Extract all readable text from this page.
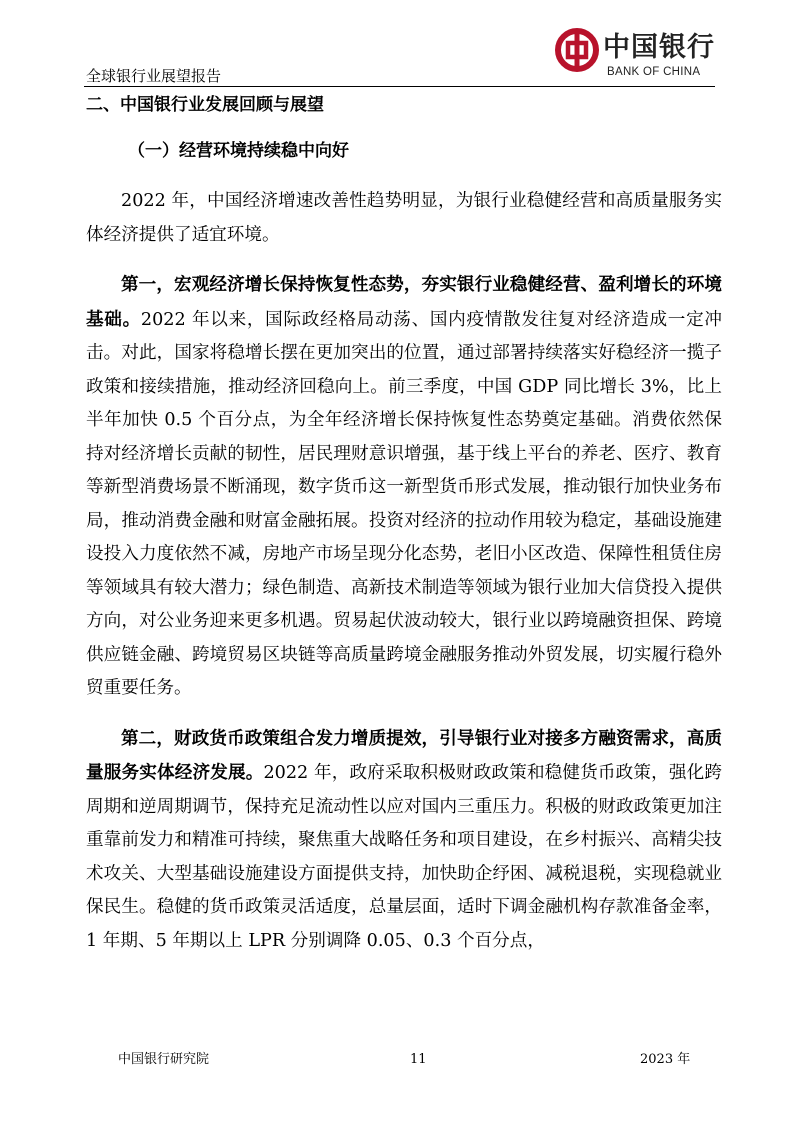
全球银行业展望报告
中国银行
BANK OF CHINA
二、中国银行业发展回顾与展望
（一）经营环境持续稳中向好

2022 年，中国经济增速改善性趋势明显，为银行业稳健经营和高质量服务实体经济提供了适宜环境。

第一，宏观经济增长保持恢复性态势，夯实银行业稳健经营、盈利增长的环境基础。2022 年以来，国际政经格局动荡、国内疫情散发往复对经济造成一定冲击。对此，国家将稳增长摆在更加突出的位置，通过部署持续落实好稳经济一揽子政策和接续措施，推动经济回稳向上。前三季度，中国 GDP 同比增长 3%，比上半年加快 0.5 个百分点，为全年经济增长保持恢复性态势奠定基础。消费依然保持对经济增长贡献的韧性，居民理财意识增强，基于线上平台的养老、医疗、教育等新型消费场景不断涌现，数字货币这一新型货币形式发展，推动银行加快业务布局，推动消费金融和财富金融拓展。投资对经济的拉动作用较为稳定，基础设施建设投入力度依然不减，房地产市场呈现分化态势，老旧小区改造、保障性租赁住房等领域具有较大潜力；绿色制造、高新技术制造等领域为银行业加大信贷投入提供方向，对公业务迎来更多机遇。贸易起伏波动较大，银行业以跨境融资担保、跨境供应链金融、跨境贸易区块链等高质量跨境金融服务推动外贸发展，切实履行稳外贸重要任务。

第二，财政货币政策组合发力增质提效，引导银行业对接多方融资需求，高质量服务实体经济发展。2022 年，政府采取积极财政政策和稳健货币政策，强化跨周期和逆周期调节，保持充足流动性以应对国内三重压力。积极的财政政策更加注重靠前发力和精准可持续，聚焦重大战略任务和项目建设，在乡村振兴、高精尖技术攻关、大型基础设施建设方面提供支持，加快助企纾困、减税退税，实现稳就业保民生。稳健的货币政策灵活适度，总量层面，适时下调金融机构存款准备金率，1 年期、5 年期以上 LPR 分别调降 0.05、0.3 个百分点，

中国银行研究院	11	2023 年
